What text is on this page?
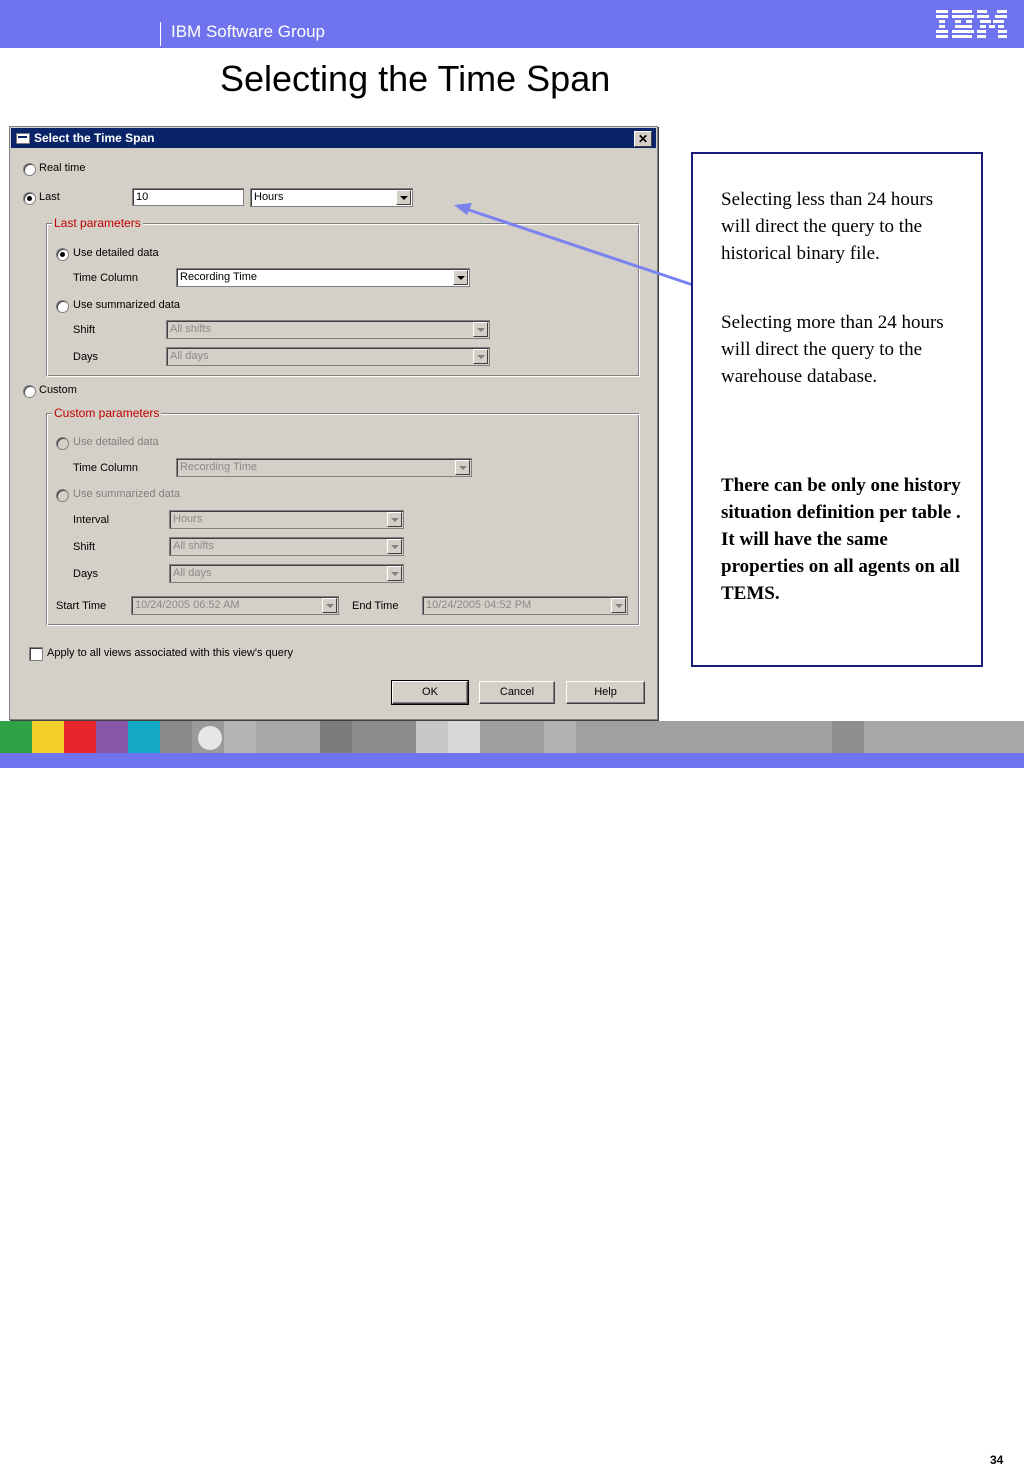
IBM Software Group
Selecting the Time Span
Select the Time Span	✕
Real time
Last	10	Hours
Last parameters
Use detailed data
Time Column	Recording Time
Use summarized data
Shift	All shifts
Days	All days
Custom
Custom parameters
Use detailed data
Time Column	Recording Time
Use summarized data
Interval	Hours
Shift	All shifts
Days	All days
Start Time	10/24/2005 06:52 AM	End Time	10/24/2005 04:52 PM
Apply to all views associated with this view's query
OK	Cancel	Help

Selecting less than 24 hours will direct the query to the historical binary file.

Selecting more than 24 hours will direct the query to the warehouse database.

There can be only one history situation definition per table . It will have the same properties on all agents on all TEMS.

34
